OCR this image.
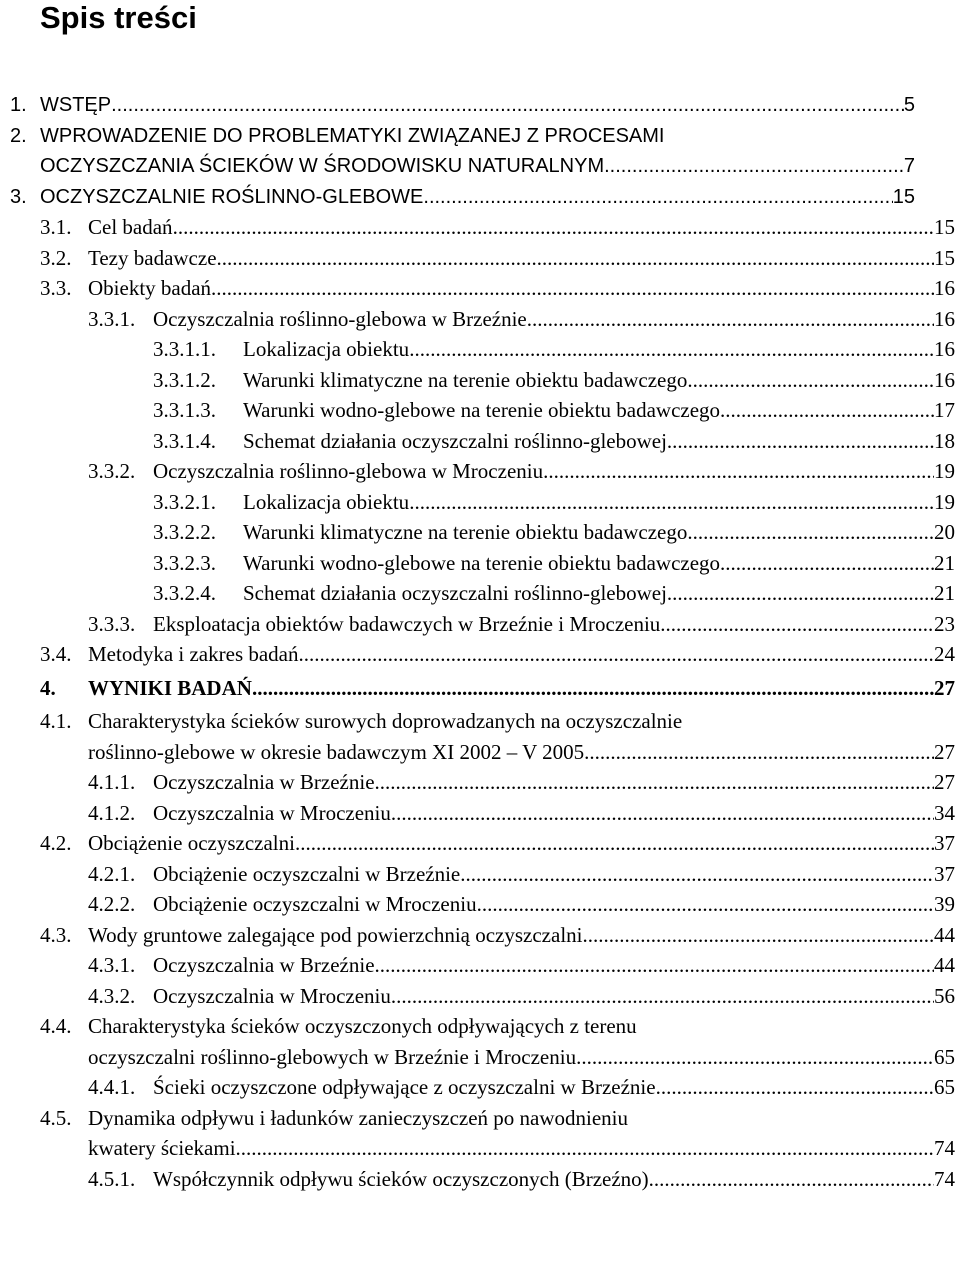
Spis treści
1. WSTĘP .....	5
2. WPROWADZENIE DO PROBLEMATYKI ZWIĄZANEJ Z PROCESAMI
OCZYSZCZANIA ŚCIEKÓW W ŚRODOWISKU NATURALNYM .....	7
3. OCZYSZCZALNIE ROŚLINNO-GLEBOWE .....	15
3.1. Cel badań .....	15
3.2. Tezy badawcze .....	15
3.3. Obiekty badań .....	16
3.3.1. Oczyszczalnia roślinno-glebowa w Brzeźnie .....	16
3.3.1.1. Lokalizacja obiektu .....	16
3.3.1.2. Warunki klimatyczne na terenie obiektu badawczego .....	16
3.3.1.3. Warunki wodno-glebowe na terenie obiektu badawczego .....	17
3.3.1.4. Schemat działania oczyszczalni roślinno-glebowej .....	18
3.3.2. Oczyszczalnia roślinno-glebowa w Mroczeniu .....	19
3.3.2.1. Lokalizacja obiektu .....	19
3.3.2.2. Warunki klimatyczne na terenie obiektu badawczego .....	20
3.3.2.3. Warunki wodno-glebowe na terenie obiektu badawczego .....	21
3.3.2.4. Schemat działania oczyszczalni roślinno-glebowej .....	21
3.3.3. Eksploatacja obiektów badawczych w Brzeźnie i Mroczeniu .....	23
3.4. Metodyka i zakres badań .....	24
4. WYNIKI BADAŃ .....	27
4.1. Charakterystyka ścieków surowych doprowadzanych na oczyszczalnie
roślinno-glebowe w okresie badawczym XI 2002 – V 2005 .....	27
4.1.1. Oczyszczalnia w Brzeźnie .....	27
4.1.2. Oczyszczalnia w Mroczeniu .....	34
4.2. Obciążenie oczyszczalni .....	37
4.2.1. Obciążenie oczyszczalni w Brzeźnie .....	37
4.2.2. Obciążenie oczyszczalni w Mroczeniu .....	39
4.3. Wody gruntowe zalegające pod powierzchnią oczyszczalni .....	44
4.3.1. Oczyszczalnia w Brzeźnie .....	44
4.3.2. Oczyszczalnia w Mroczeniu .....	56
4.4. Charakterystyka ścieków oczyszczonych odpływających z terenu
oczyszczalni roślinno-glebowych w Brzeźnie i Mroczeniu .....	65
4.4.1. Ścieki oczyszczone odpływające z oczyszczalni w Brzeźnie .....	65
4.5. Dynamika odpływu i ładunków zanieczyszczeń po nawodnieniu
kwatery ściekami .....	74
4.5.1. Współczynnik odpływu ścieków oczyszczonych (Brzeźno) .....	74
